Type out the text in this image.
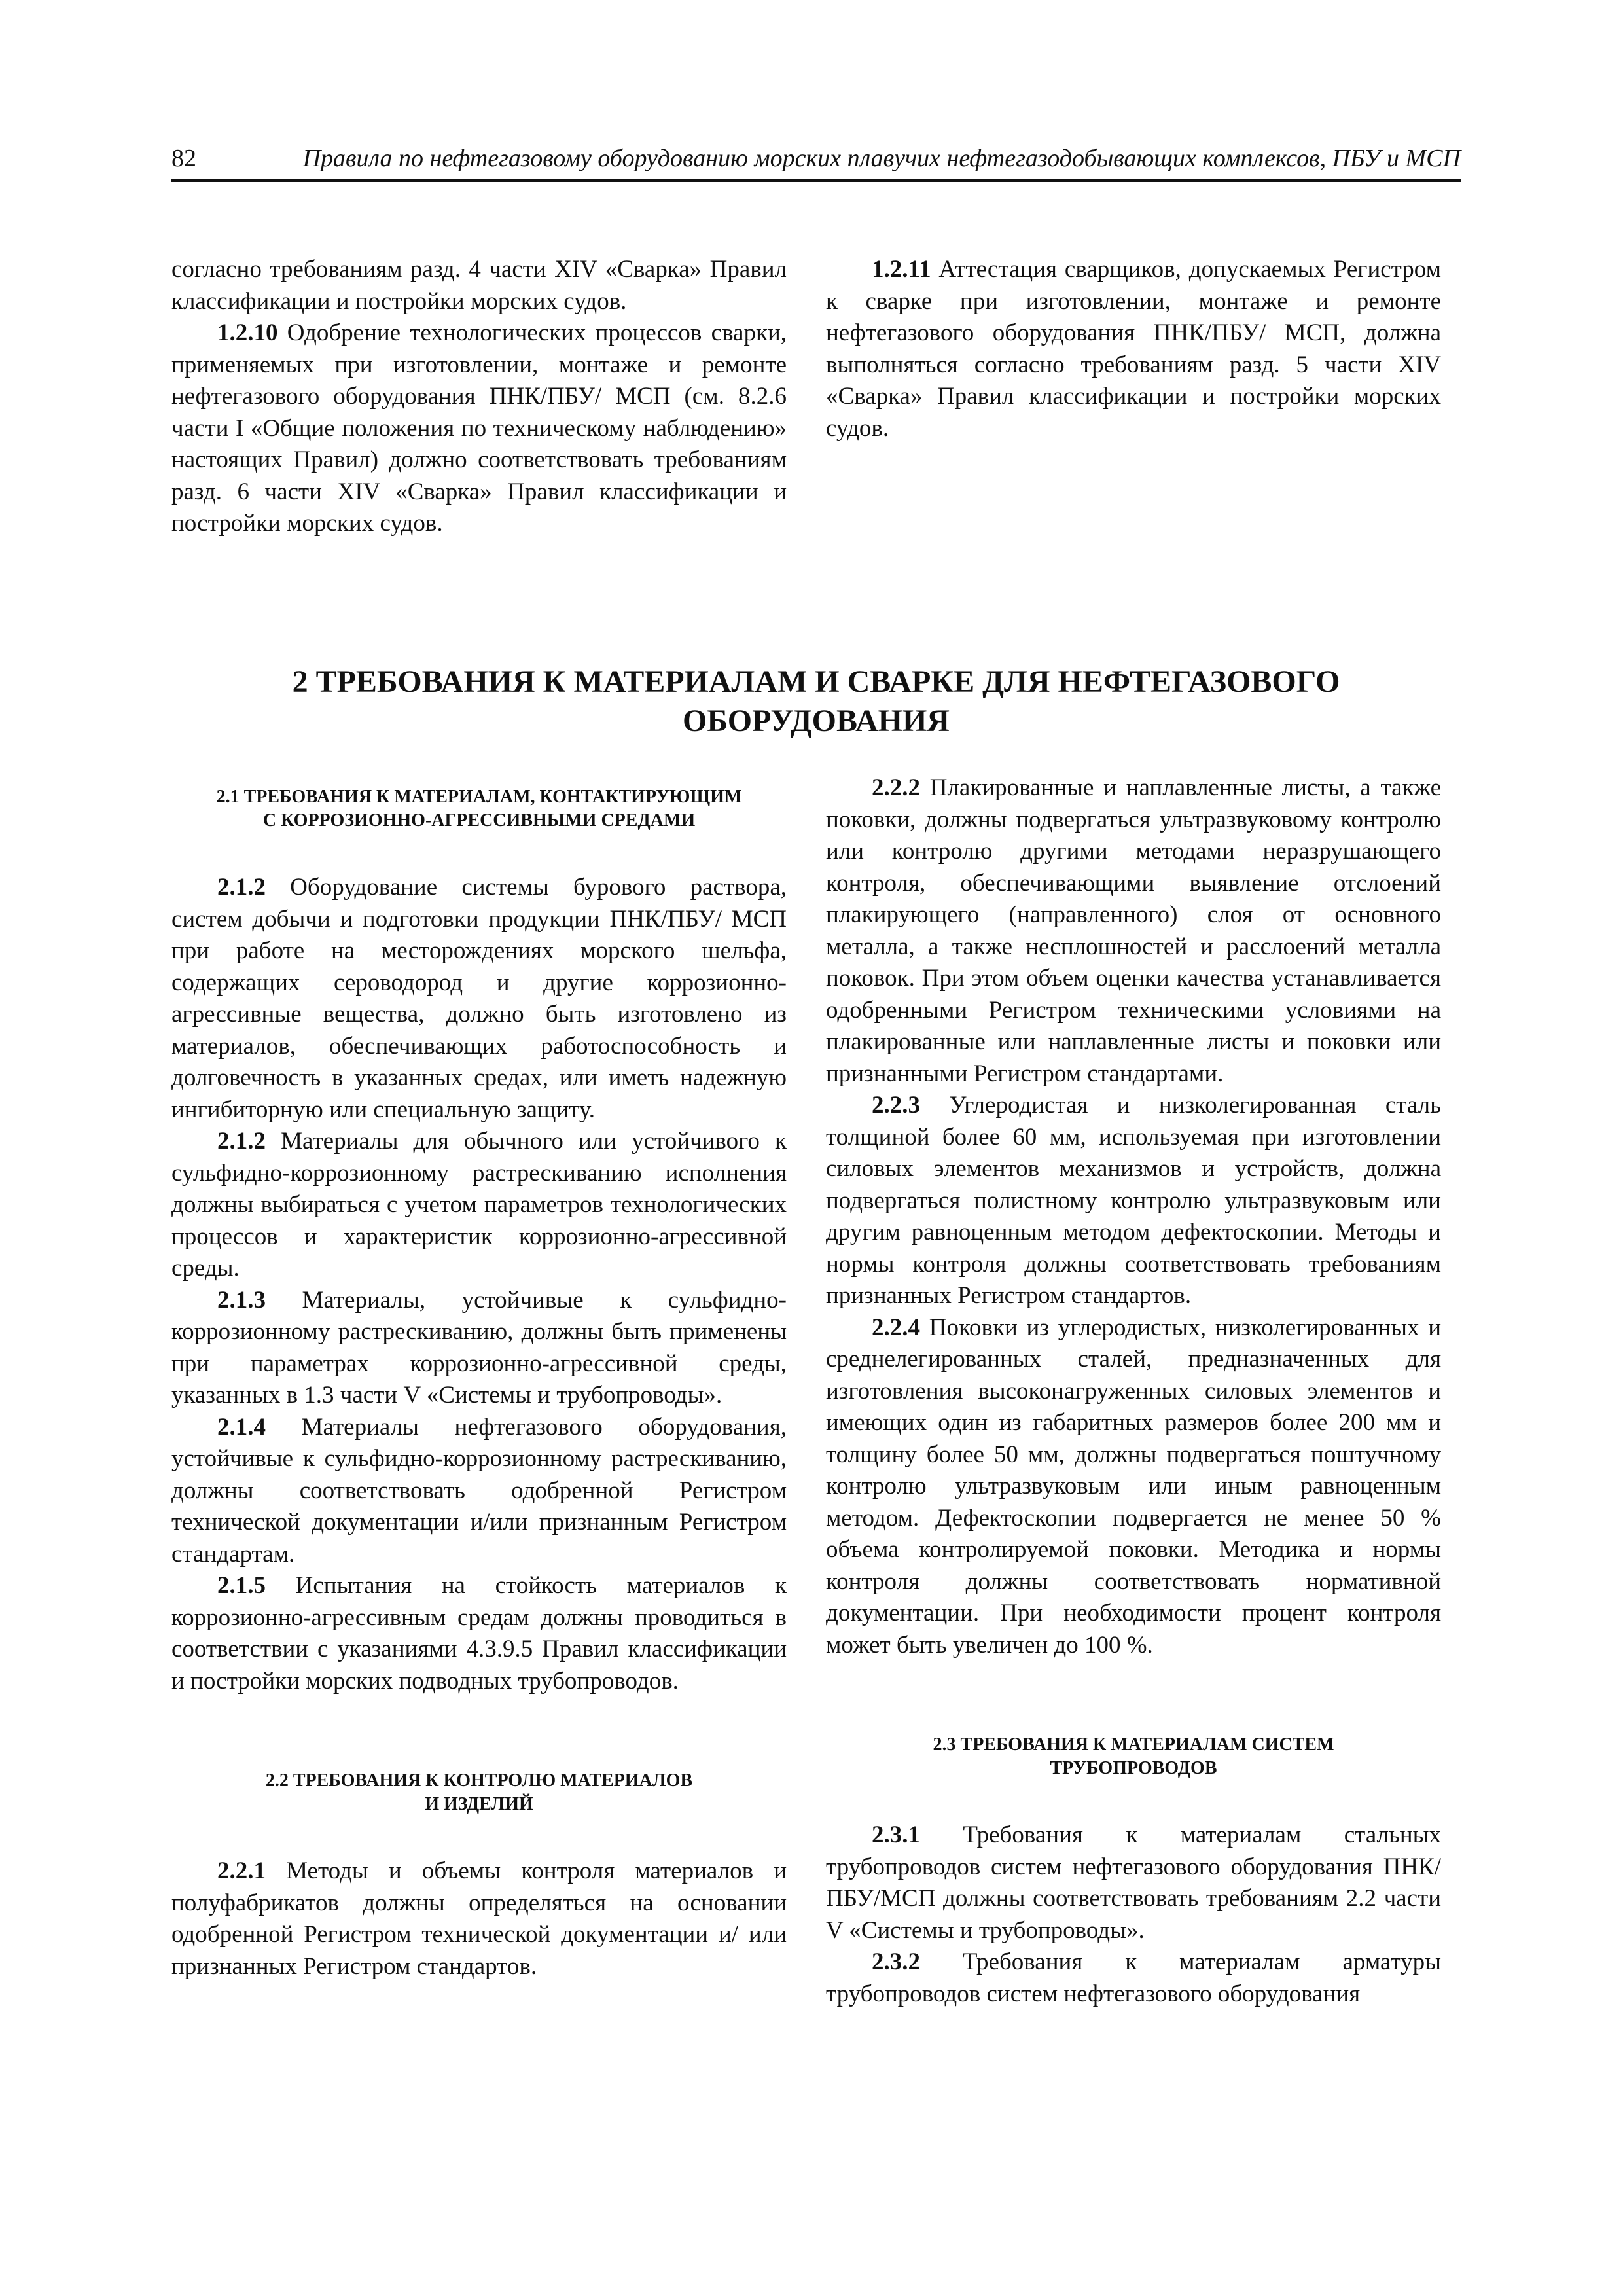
82	Правила по нефтегазовому оборудованию морских плавучих нефтегазодобывающих комплексов, ПБУ и МСП

согласно требованиям разд. 4 части XIV «Сварка» Правил классификации и постройки морских судов.

1.2.10 Одобрение технологических процессов сварки, применяемых при изготовлении, монтаже и ремонте нефтегазового оборудования ПНК/ПБУ/ МСП (см. 8.2.6 части I «Общие положения по техническому наблюдению» настоящих Правил) должно соответствовать требованиям разд. 6 части XIV «Сварка» Правил классификации и постройки морских судов.

1.2.11 Аттестация сварщиков, допускаемых Регистром к сварке при изготовлении, монтаже и ремонте нефтегазового оборудования ПНК/ПБУ/ МСП, должна выполняться согласно требованиям разд. 5 части XIV «Сварка» Правил классификации и постройки морских судов.

2 ТРЕБОВАНИЯ К МАТЕРИАЛАМ И СВАРКЕ ДЛЯ НЕФТЕГАЗОВОГО
ОБОРУДОВАНИЯ
2.1 ТРЕБОВАНИЯ К МАТЕРИАЛАМ, КОНТАКТИРУЮЩИМ
С КОРРОЗИОННО-АГРЕССИВНЫМИ СРЕДАМИ

2.1.2 Оборудование системы бурового раствора, систем добычи и подготовки продукции ПНК/ПБУ/ МСП при работе на месторождениях морского шельфа, содержащих сероводород и другие коррозионно-агрессивные вещества, должно быть изготовлено из материалов, обеспечивающих работоспособность и долговечность в указанных средах, или иметь надежную ингибиторную или специальную защиту.

2.1.2 Материалы для обычного или устойчивого к сульфидно-коррозионному растрескиванию исполнения должны выбираться с учетом параметров технологических процессов и характеристик коррозионно-агрессивной среды.

2.1.3 Материалы, устойчивые к сульфидно-коррозионному растрескиванию, должны быть применены при параметрах коррозионно-агрессивной среды, указанных в 1.3 части V «Системы и трубопроводы».

2.1.4 Материалы нефтегазового оборудования, устойчивые к сульфидно-коррозионному растрескиванию, должны соответствовать одобренной Регистром технической документации и/или признанным Регистром стандартам.

2.1.5 Испытания на стойкость материалов к коррозионно-агрессивным средам должны проводиться в соответствии с указаниями 4.3.9.5 Правил классификации и постройки морских подводных трубопроводов.

2.2 ТРЕБОВАНИЯ К КОНТРОЛЮ МАТЕРИАЛОВ
И ИЗДЕЛИЙ

2.2.1 Методы и объемы контроля материалов и полуфабрикатов должны определяться на основании одобренной Регистром технической документации и/ или признанных Регистром стандартов.

2.2.2 Плакированные и наплавленные листы, а также поковки, должны подвергаться ультразвуковому контролю или контролю другими методами неразрушающего контроля, обеспечивающими выявление отслоений плакирующего (направленного) слоя от основного металла, а также несплошностей и расслоений металла поковок. При этом объем оценки качества устанавливается одобренными Регистром техническими условиями на плакированные или наплавленные листы и поковки или признанными Регистром стандартами.

2.2.3 Углеродистая и низколегированная сталь толщиной более 60 мм, используемая при изготовлении силовых элементов механизмов и устройств, должна подвергаться полистному контролю ультразвуковым или другим равноценным методом дефектоскопии. Методы и нормы контроля должны соответствовать требованиям признанных Регистром стандартов.

2.2.4 Поковки из углеродистых, низколегированных и среднелегированных сталей, предназначенных для изготовления высоконагруженных силовых элементов и имеющих один из габаритных размеров более 200 мм и толщину более 50 мм, должны подвергаться поштучному контролю ультразвуковым или иным равноценным методом. Дефектоскопии подвергается не менее 50 % объема контролируемой поковки. Методика и нормы контроля должны соответствовать нормативной документации. При необходимости процент контроля может быть увеличен до 100 %.

2.3 ТРЕБОВАНИЯ К МАТЕРИАЛАМ СИСТЕМ
ТРУБОПРОВОДОВ

2.3.1 Требования к материалам стальных трубопроводов систем нефтегазового оборудования ПНК/ПБУ/МСП должны соответствовать требованиям 2.2 части V «Системы и трубопроводы».

2.3.2 Требования к материалам арматуры трубопроводов систем нефтегазового оборудования
